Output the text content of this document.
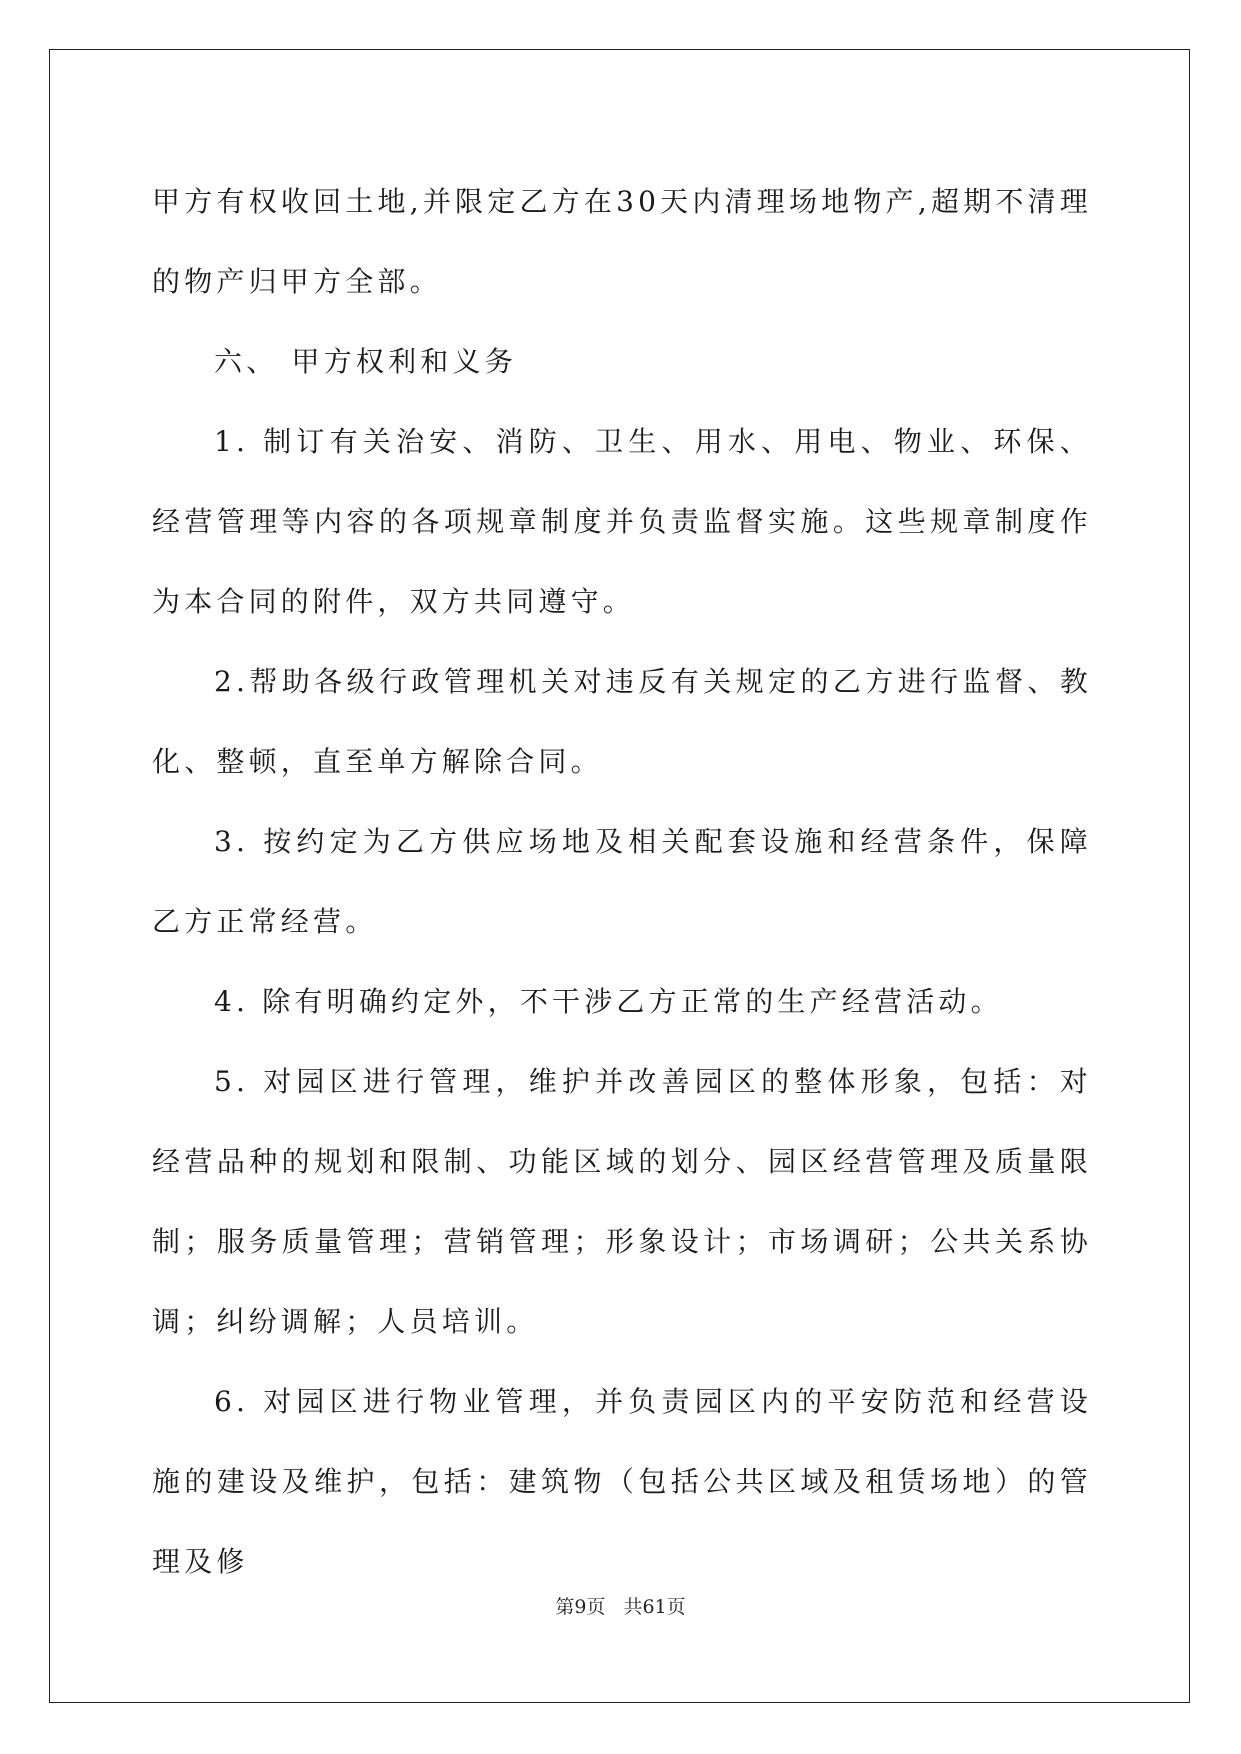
甲方有权收回土地,并限定乙方在30天内清理场地物产,超期不清理的物产归甲方全部。

六、 甲方权利和义务

1. 制订有关治安、消防、卫生、用水、用电、物业、环保、经营管理等内容的各项规章制度并负责监督实施。这些规章制度作为本合同的附件，双方共同遵守。

2.帮助各级行政管理机关对违反有关规定的乙方进行监督、教化、整顿，直至单方解除合同。

3. 按约定为乙方供应场地及相关配套设施和经营条件，保障乙方正常经营。

4. 除有明确约定外，不干涉乙方正常的生产经营活动。

5. 对园区进行管理，维护并改善园区的整体形象，包括：对经营品种的规划和限制、功能区域的划分、园区经营管理及质量限制；服务质量管理；营销管理；形象设计；市场调研；公共关系协调；纠纷调解；人员培训。

6. 对园区进行物业管理，并负责园区内的平安防范和经营设施的建设及维护，包括：建筑物（包括公共区域及租赁场地）的管理及修

第9页 共61页
